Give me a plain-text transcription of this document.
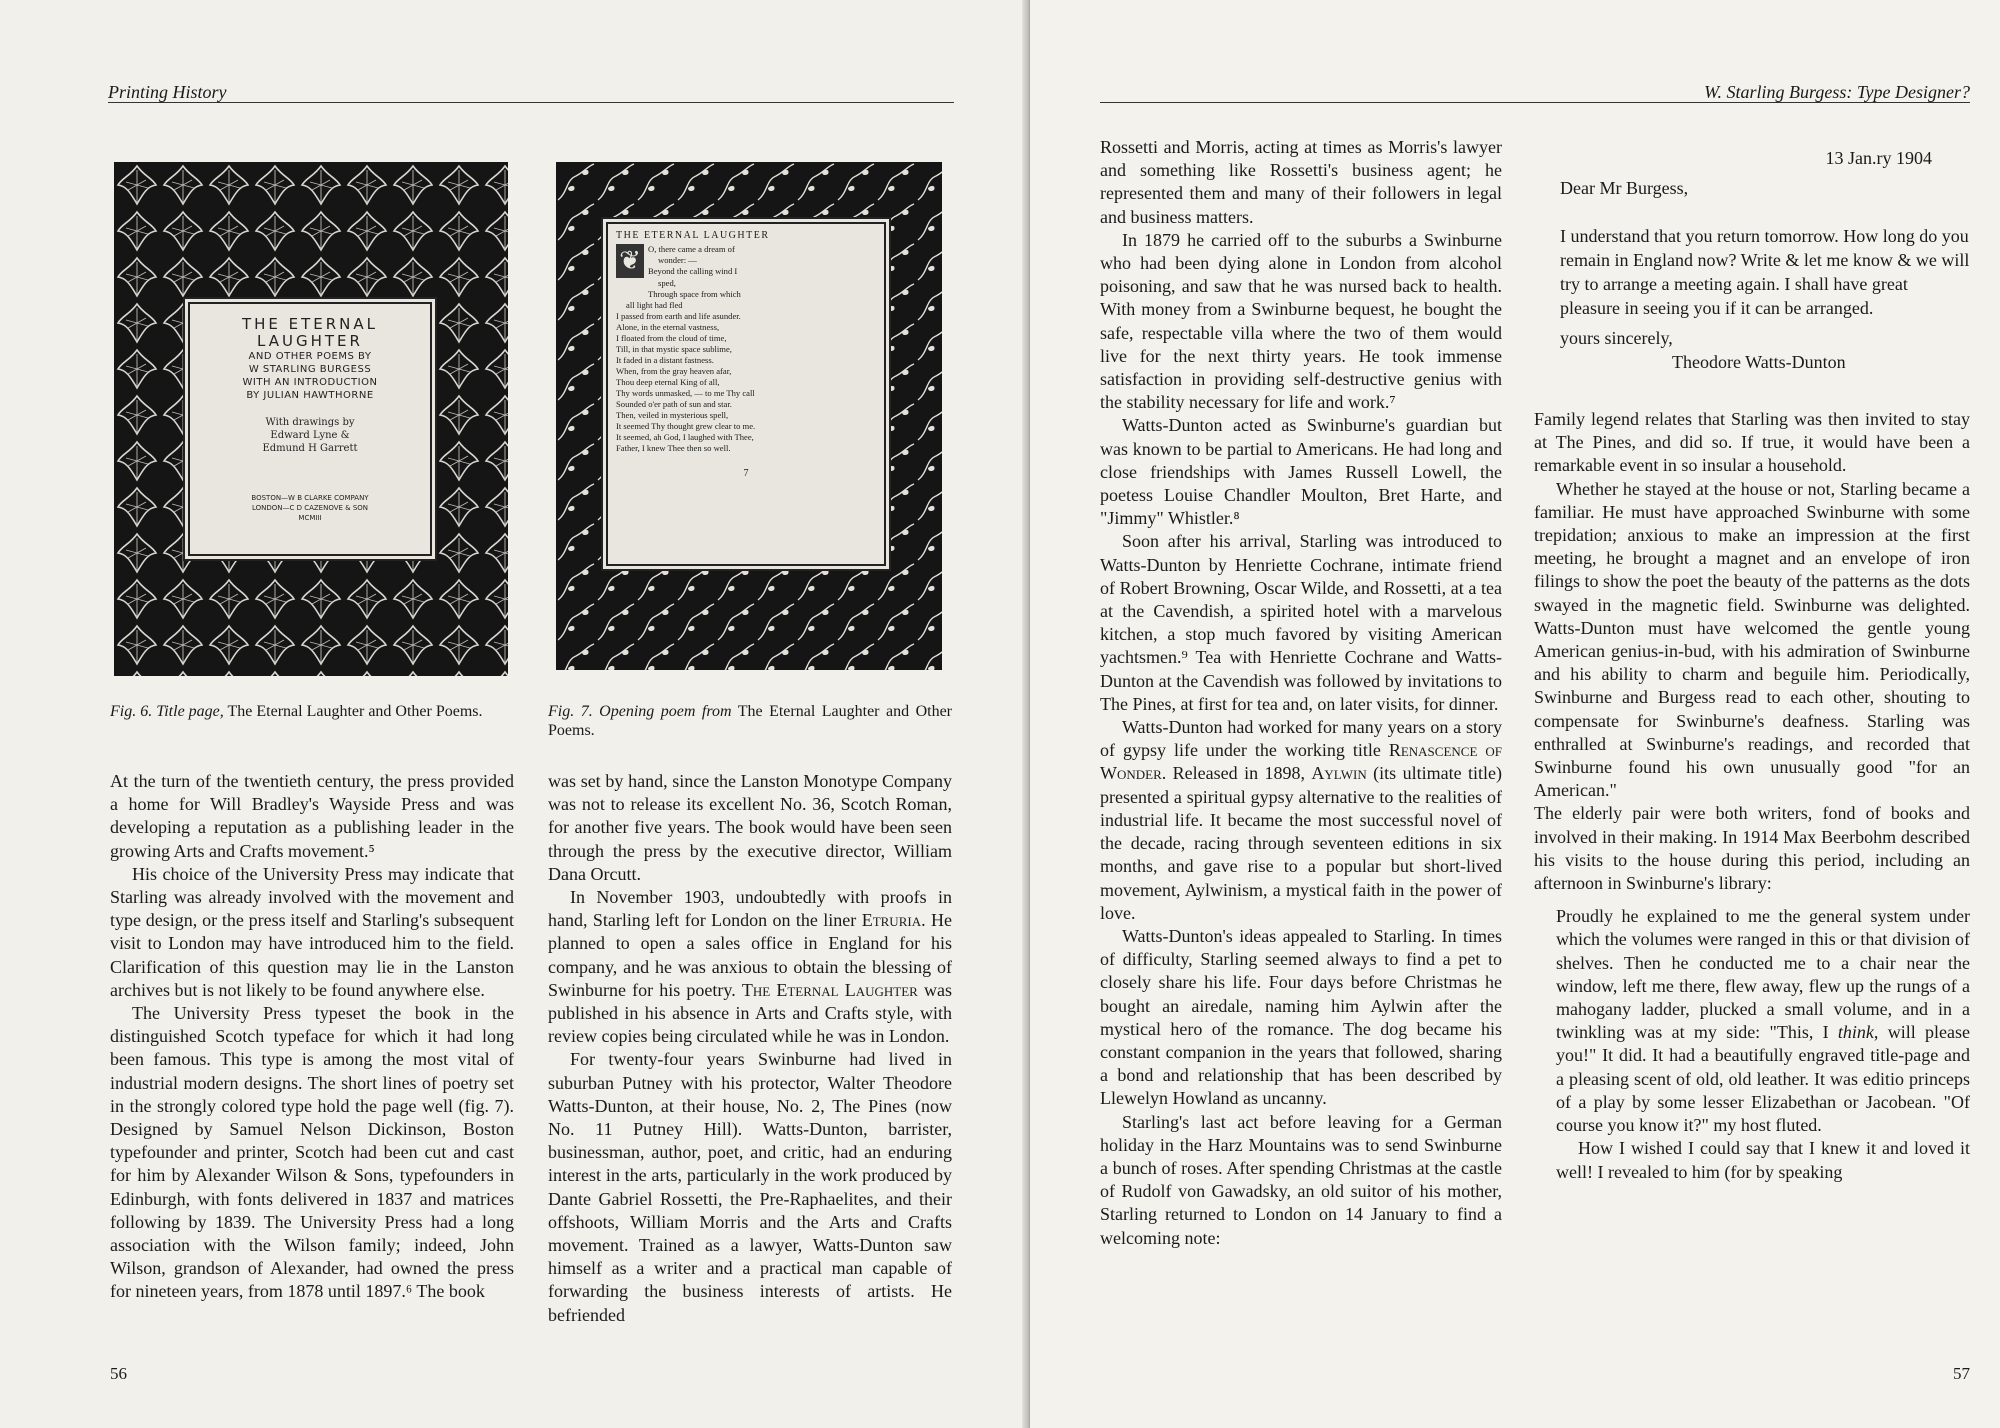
Printing History
THE ETERNAL
LAUGHTER
AND OTHER POEMS BY
W STARLING BURGESS
WITH AN INTRODUCTION
BY JULIAN HAWTHORNE
With drawings by
Edward Lyne &
Edmund H Garrett
BOSTON—W B CLARKE COMPANY
LONDON—C D CAZENOVE & SON
MCMIII
Fig. 6. Title page, The Eternal Laughter and Other Poems.
THE ETERNAL LAUGHTER
❦ O, there came a dream of
wonder: —
Beyond the calling wind I
sped,
Through space from which
all light had fled
I passed from earth and life asunder.
Alone, in the eternal vastness,
I floated from the cloud of time,
Till, in that mystic space sublime,
It faded in a distant fastness.
When, from the gray heaven afar,
Thou deep eternal King of all,
Thy words unmasked, — to me Thy call
Sounded o'er path of sun and star.
Then, veiled in mysterious spell,
It seemed Thy thought grew clear to me.
It seemed, ah God, I laughed with Thee,
Father, I knew Thee then so well.
7
Fig. 7. Opening poem from The Eternal Laughter and Other Poems.

At the turn of the twentieth century, the press provided a home for Will Bradley's Wayside Press and was developing a reputation as a publishing leader in the growing Arts and Crafts movement.⁵

His choice of the University Press may indicate that Starling was already involved with the movement and type design, or the press itself and Starling's subsequent visit to London may have introduced him to the field. Clarification of this question may lie in the Lanston archives but is not likely to be found anywhere else.

The University Press typeset the book in the distinguished Scotch typeface for which it had long been famous. This type is among the most vital of industrial modern designs. The short lines of poetry set in the strongly colored type hold the page well (fig. 7). Designed by Samuel Nelson Dickinson, Boston typefounder and printer, Scotch had been cut and cast for him by Alexander Wilson & Sons, typefounders in Edinburgh, with fonts delivered in 1837 and matrices following by 1839. The University Press had a long association with the Wilson family; indeed, John Wilson, grandson of Alexander, had owned the press for nineteen years, from 1878 until 1897.⁶ The book

was set by hand, since the Lanston Monotype Company was not to release its excellent No. 36, Scotch Roman, for another five years. The book would have been seen through the press by the executive director, William Dana Orcutt.

In November 1903, undoubtedly with proofs in hand, Starling left for London on the liner Etruria. He planned to open a sales office in England for his company, and he was anxious to obtain the blessing of Swinburne for his poetry. The Eternal Laughter was published in his absence in Arts and Crafts style, with review copies being circulated while he was in London.

For twenty-four years Swinburne had lived in suburban Putney with his protector, Walter Theodore Watts-Dunton, at their house, No. 2, The Pines (now No. 11 Putney Hill). Watts-Dunton, barrister, businessman, author, poet, and critic, had an enduring interest in the arts, particularly in the work produced by Dante Gabriel Rossetti, the Pre-Raphaelites, and their offshoots, William Morris and the Arts and Crafts movement. Trained as a lawyer, Watts-Dunton saw himself as a writer and a practical man capable of forwarding the business interests of artists. He befriended

56
W. Starling Burgess: Type Designer?

Rossetti and Morris, acting at times as Morris's lawyer and something like Rossetti's business agent; he represented them and many of their followers in legal and business matters.

In 1879 he carried off to the suburbs a Swinburne who had been dying alone in London from alcohol poisoning, and saw that he was nursed back to health. With money from a Swinburne bequest, he bought the safe, respectable villa where the two of them would live for the next thirty years. He took immense satisfaction in providing self-destructive genius with the stability necessary for life and work.⁷

Watts-Dunton acted as Swinburne's guardian but was known to be partial to Americans. He had long and close friendships with James Russell Lowell, the poetess Louise Chandler Moulton, Bret Harte, and "Jimmy" Whistler.⁸

Soon after his arrival, Starling was introduced to Watts-Dunton by Henriette Cochrane, intimate friend of Robert Browning, Oscar Wilde, and Rossetti, at a tea at the Cavendish, a spirited hotel with a marvelous kitchen, a stop much favored by visiting American yachtsmen.⁹ Tea with Henriette Cochrane and Watts-Dunton at the Cavendish was followed by invitations to The Pines, at first for tea and, on later visits, for dinner.

Watts-Dunton had worked for many years on a story of gypsy life under the working title Renascence of Wonder. Released in 1898, Aylwin (its ultimate title) presented a spiritual gypsy alternative to the realities of industrial life. It became the most successful novel of the decade, racing through seventeen editions in six months, and gave rise to a popular but short-lived movement, Aylwinism, a mystical faith in the power of love.

Watts-Dunton's ideas appealed to Starling. In times of difficulty, Starling seemed always to find a pet to closely share his life. Four days before Christmas he bought an airedale, naming him Aylwin after the mystical hero of the romance. The dog became his constant companion in the years that followed, sharing a bond and relationship that has been described by Llewelyn Howland as uncanny.

Starling's last act before leaving for a German holiday in the Harz Mountains was to send Swinburne a bunch of roses. After spending Christmas at the castle of Rudolf von Gawadsky, an old suitor of his mother, Starling returned to London on 14 January to find a welcoming note:

13 Jan.ry 1904
Dear Mr Burgess,
I understand that you return tomorrow. How long do you remain in England now? Write & let me know & we will try to arrange a meeting again. I shall have great pleasure in seeing you if it can be arranged.
yours sincerely,
Theodore Watts-Dunton

Family legend relates that Starling was then invited to stay at The Pines, and did so. If true, it would have been a remarkable event in so insular a household.

Whether he stayed at the house or not, Starling became a familiar. He must have approached Swinburne with some trepidation; anxious to make an impression at the first meeting, he brought a magnet and an envelope of iron filings to show the poet the beauty of the patterns as the dots swayed in the magnetic field. Swinburne was delighted. Watts-Dunton must have welcomed the gentle young American genius-in-bud, with his admiration of Swinburne and his ability to charm and beguile him. Periodically, Swinburne and Burgess read to each other, shouting to compensate for Swinburne's deafness. Starling was enthralled at Swinburne's readings, and recorded that Swinburne found his own unusually good "for an American."

The elderly pair were both writers, fond of books and involved in their making. In 1914 Max Beerbohm described his visits to the house during this period, including an afternoon in Swinburne's library:

Proudly he explained to me the general system under which the volumes were ranged in this or that division of shelves. Then he conducted me to a chair near the window, left me there, flew away, flew up the rungs of a mahogany ladder, plucked a small volume, and in a twinkling was at my side: "This, I think, will please you!" It did. It had a beautifully engraved title-page and a pleasing scent of old, old leather. It was editio princeps of a play by some lesser Elizabethan or Jacobean. "Of course you know it?" my host fluted.

How I wished I could say that I knew it and loved it well! I revealed to him (for by speaking

57
